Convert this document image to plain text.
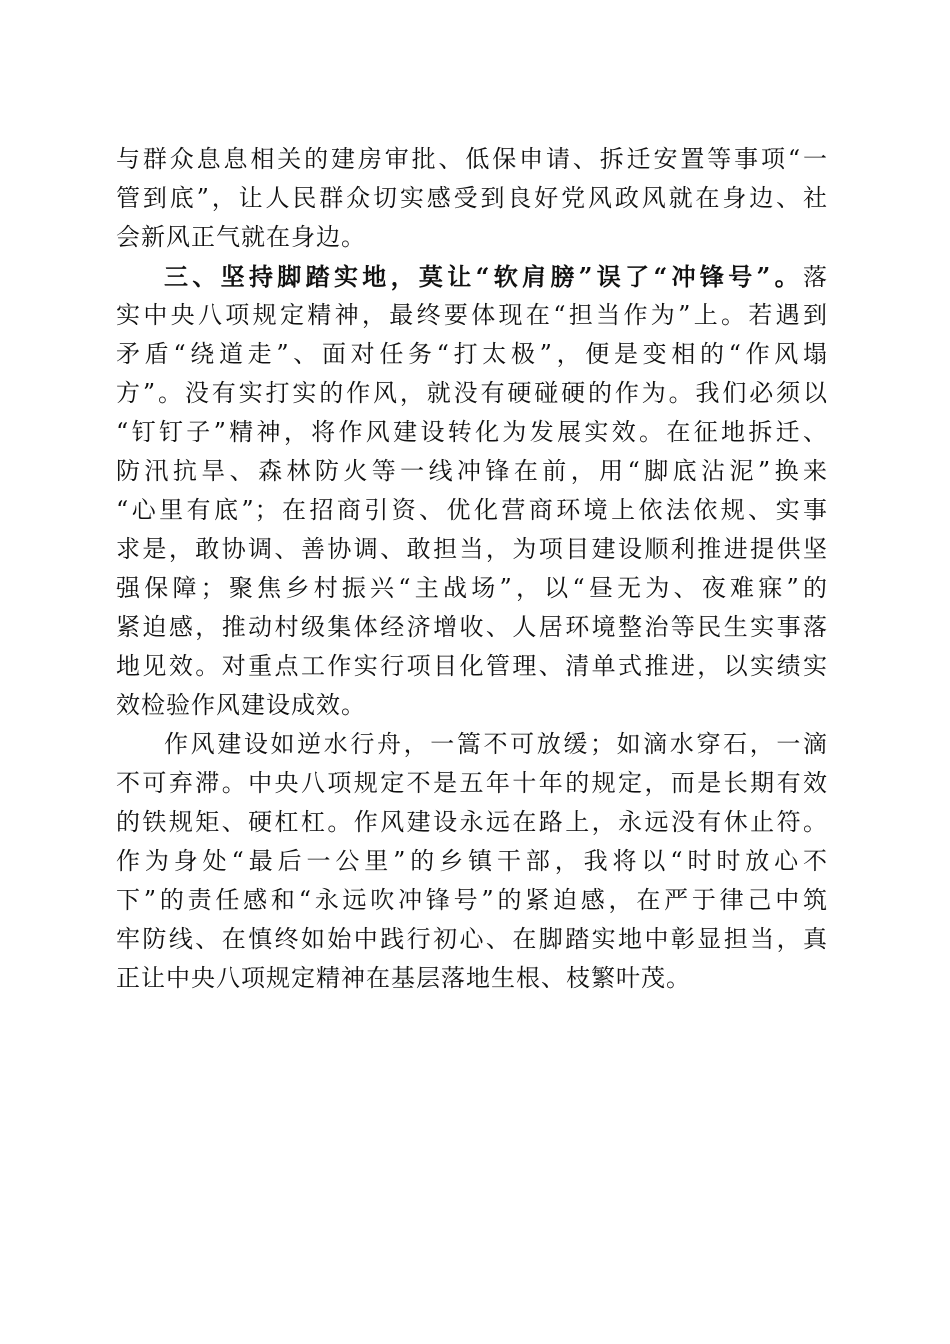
与群众息息相关的建房审批、低保申请、拆迁安置等事项“一
管到底”，让人民群众切实感受到良好党风政风就在身边、社
会新风正气就在身边。
三、坚持脚踏实地，莫让“软肩膀”误了“冲锋号”。落
实中央八项规定精神，最终要体现在“担当作为”上。若遇到
矛盾“绕道走”、面对任务“打太极”，便是变相的“作风塌
方”。没有实打实的作风，就没有硬碰硬的作为。我们必须以
“钉钉子”精神，将作风建设转化为发展实效。在征地拆迁、
防汛抗旱、森林防火等一线冲锋在前，用“脚底沾泥”换来
“心里有底”；在招商引资、优化营商环境上依法依规、实事
求是，敢协调、善协调、敢担当，为项目建设顺利推进提供坚
强保障；聚焦乡村振兴“主战场”，以“昼无为、夜难寐”的
紧迫感，推动村级集体经济增收、人居环境整治等民生实事落
地见效。对重点工作实行项目化管理、清单式推进，以实绩实
效检验作风建设成效。
作风建设如逆水行舟，一篙不可放缓；如滴水穿石，一滴
不可弃滞。中央八项规定不是五年十年的规定，而是长期有效
的铁规矩、硬杠杠。作风建设永远在路上，永远没有休止符。
作为身处“最后一公里”的乡镇干部，我将以“时时放心不
下”的责任感和“永远吹冲锋号”的紧迫感，在严于律己中筑
牢防线、在慎终如始中践行初心、在脚踏实地中彰显担当，真
正让中央八项规定精神在基层落地生根、枝繁叶茂。
